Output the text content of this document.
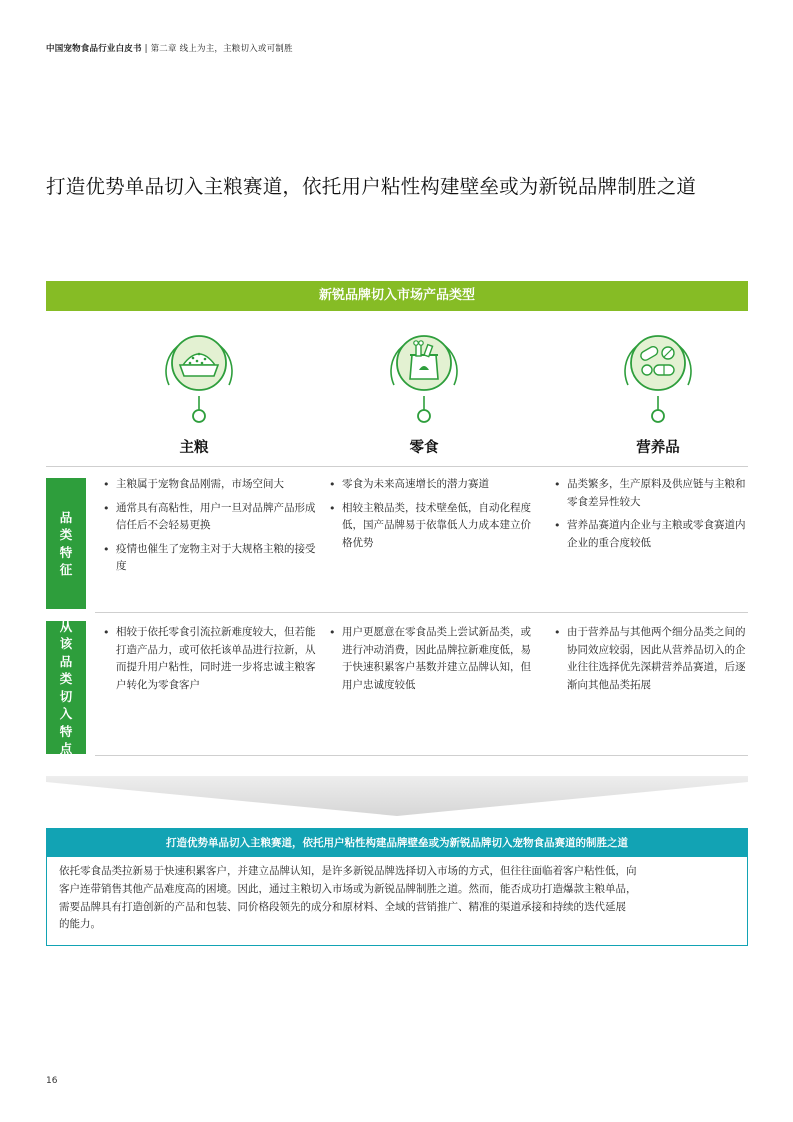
中国宠物食品行业白皮书 | 第二章 线上为主，主粮切入或可制胜
打造优势单品切入主粮赛道，依托用户粘性构建壁垒或为新锐品牌制胜之道
新锐品牌切入市场产品类型
主粮	零食	营养品
品
类
特
征
从
该
品
类
切
入
特
点
• 主粮属于宠物食品刚需，市场空间大
• 通常具有高粘性，用户一旦对品牌产品形成信任后不会轻易更换
• 疫情也催生了宠物主对于大规格主粮的接受度
• 零食为未来高速增长的潜力赛道
• 相较主粮品类，技术壁垒低，自动化程度低，国产品牌易于依靠低人力成本建立价格优势
• 品类繁多，生产原料及供应链与主粮和零食差异性较大
• 营养品赛道内企业与主粮或零食赛道内企业的重合度较低
• 相较于依托零食引流拉新难度较大，但若能打造产品力，或可依托该单品进行拉新，从而提升用户粘性，同时进一步将忠诚主粮客户转化为零食客户
• 用户更愿意在零食品类上尝试新品类，或进行冲动消费，因此品牌拉新难度低，易于快速积累客户基数并建立品牌认知，但用户忠诚度较低
• 由于营养品与其他两个细分品类之间的协同效应较弱，因此从营养品切入的企业往往选择优先深耕营养品赛道，后逐渐向其他品类拓展
打造优势单品切入主粮赛道，依托用户粘性构建品牌壁垒或为新锐品牌切入宠物食品赛道的制胜之道
依托零食品类拉新易于快速积累客户，并建立品牌认知，是许多新锐品牌选择切入市场的方式，但往往面临着客户粘性低，向
客户连带销售其他产品难度高的困境。因此，通过主粮切入市场或为新锐品牌制胜之道。然而，能否成功打造爆款主粮单品，
需要品牌具有打造创新的产品和包装、同价格段领先的成分和原材料、全域的营销推广、精准的渠道承接和持续的迭代延展
的能力。
16
